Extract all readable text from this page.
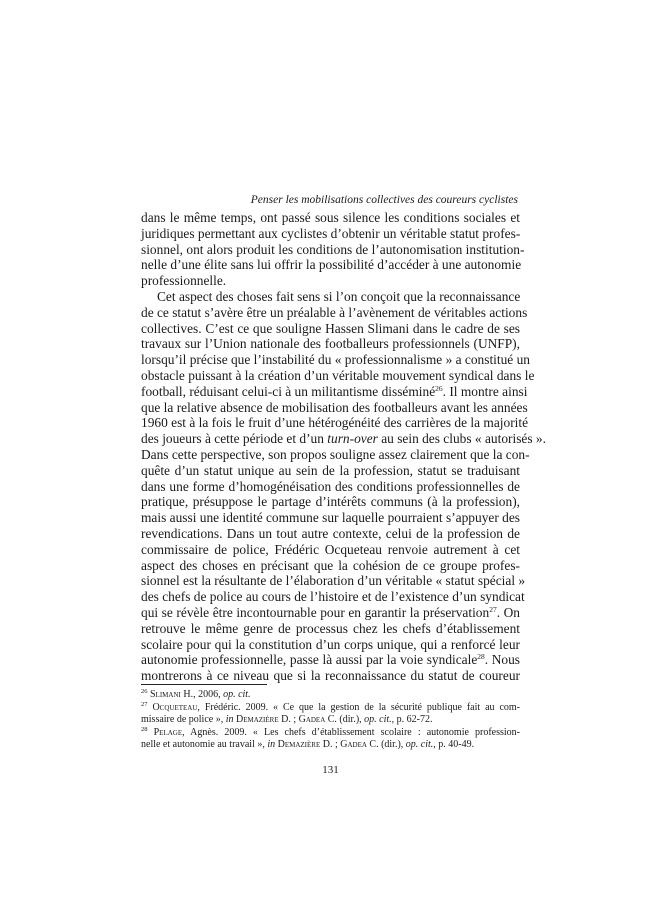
Penser les mobilisations collectives des coureurs cyclistes
dans le même temps, ont passé sous silence les conditions sociales et
juridiques permettant aux cyclistes d’obtenir un véritable statut profes-
sionnel, ont alors produit les conditions de l’autonomisation institution-
nelle d’une élite sans lui offrir la possibilité d’accéder à une autonomie
professionnelle.
Cet aspect des choses fait sens si l’on conçoit que la reconnaissance
de ce statut s’avère être un préalable à l’avènement de véritables actions
collectives. C’est ce que souligne Hassen Slimani dans le cadre de ses
travaux sur l’Union nationale des footballeurs professionnels (UNFP),
lorsqu’il précise que l’instabilité du « professionnalisme » a constitué un
obstacle puissant à la création d’un véritable mouvement syndical dans le
football, réduisant celui-ci à un militantisme disséminé$^{26}$. Il montre ainsi
que la relative absence de mobilisation des footballeurs avant les années
1960 est à la fois le fruit d’une hétérogénéité des carrières de la majorité
des joueurs à cette période et d’un turn-over au sein des clubs « autorisés ».
Dans cette perspective, son propos souligne assez clairement que la con-
quête d’un statut unique au sein de la profession, statut se traduisant
dans une forme d’homogénéisation des conditions professionnelles de
pratique, présuppose le partage d’intérêts communs (à la profession),
mais aussi une identité commune sur laquelle pourraient s’appuyer des
revendications. Dans un tout autre contexte, celui de la profession de
commissaire de police, Frédéric Ocqueteau renvoie autrement à cet
aspect des choses en précisant que la cohésion de ce groupe profes-
sionnel est la résultante de l’élaboration d’un véritable « statut spécial »
des chefs de police au cours de l’histoire et de l’existence d’un syndicat
qui se révèle être incontournable pour en garantir la préservation$^{27}$. On
retrouve le même genre de processus chez les chefs d’établissement
scolaire pour qui la constitution d’un corps unique, qui a renforcé leur
autonomie professionnelle, passe là aussi par la voie syndicale$^{28}$. Nous
montrerons à ce niveau que si la reconnaissance du statut de coureur
$^{26}$ Slimani H., 2006, op. cit.
$^{27}$ Ocqueteau, Frédéric. 2009. « Ce que la gestion de la sécurité publique fait au com-
missaire de police », in Demazière D. ; Gadea C. (dir.), op. cit., p. 62-72.
$^{28}$ Pelage, Agnès. 2009. « Les chefs d’établissement scolaire : autonomie profession-
nelle et autonomie au travail », in Demazière D. ; Gadea C. (dir.), op. cit., p. 40-49.
131
